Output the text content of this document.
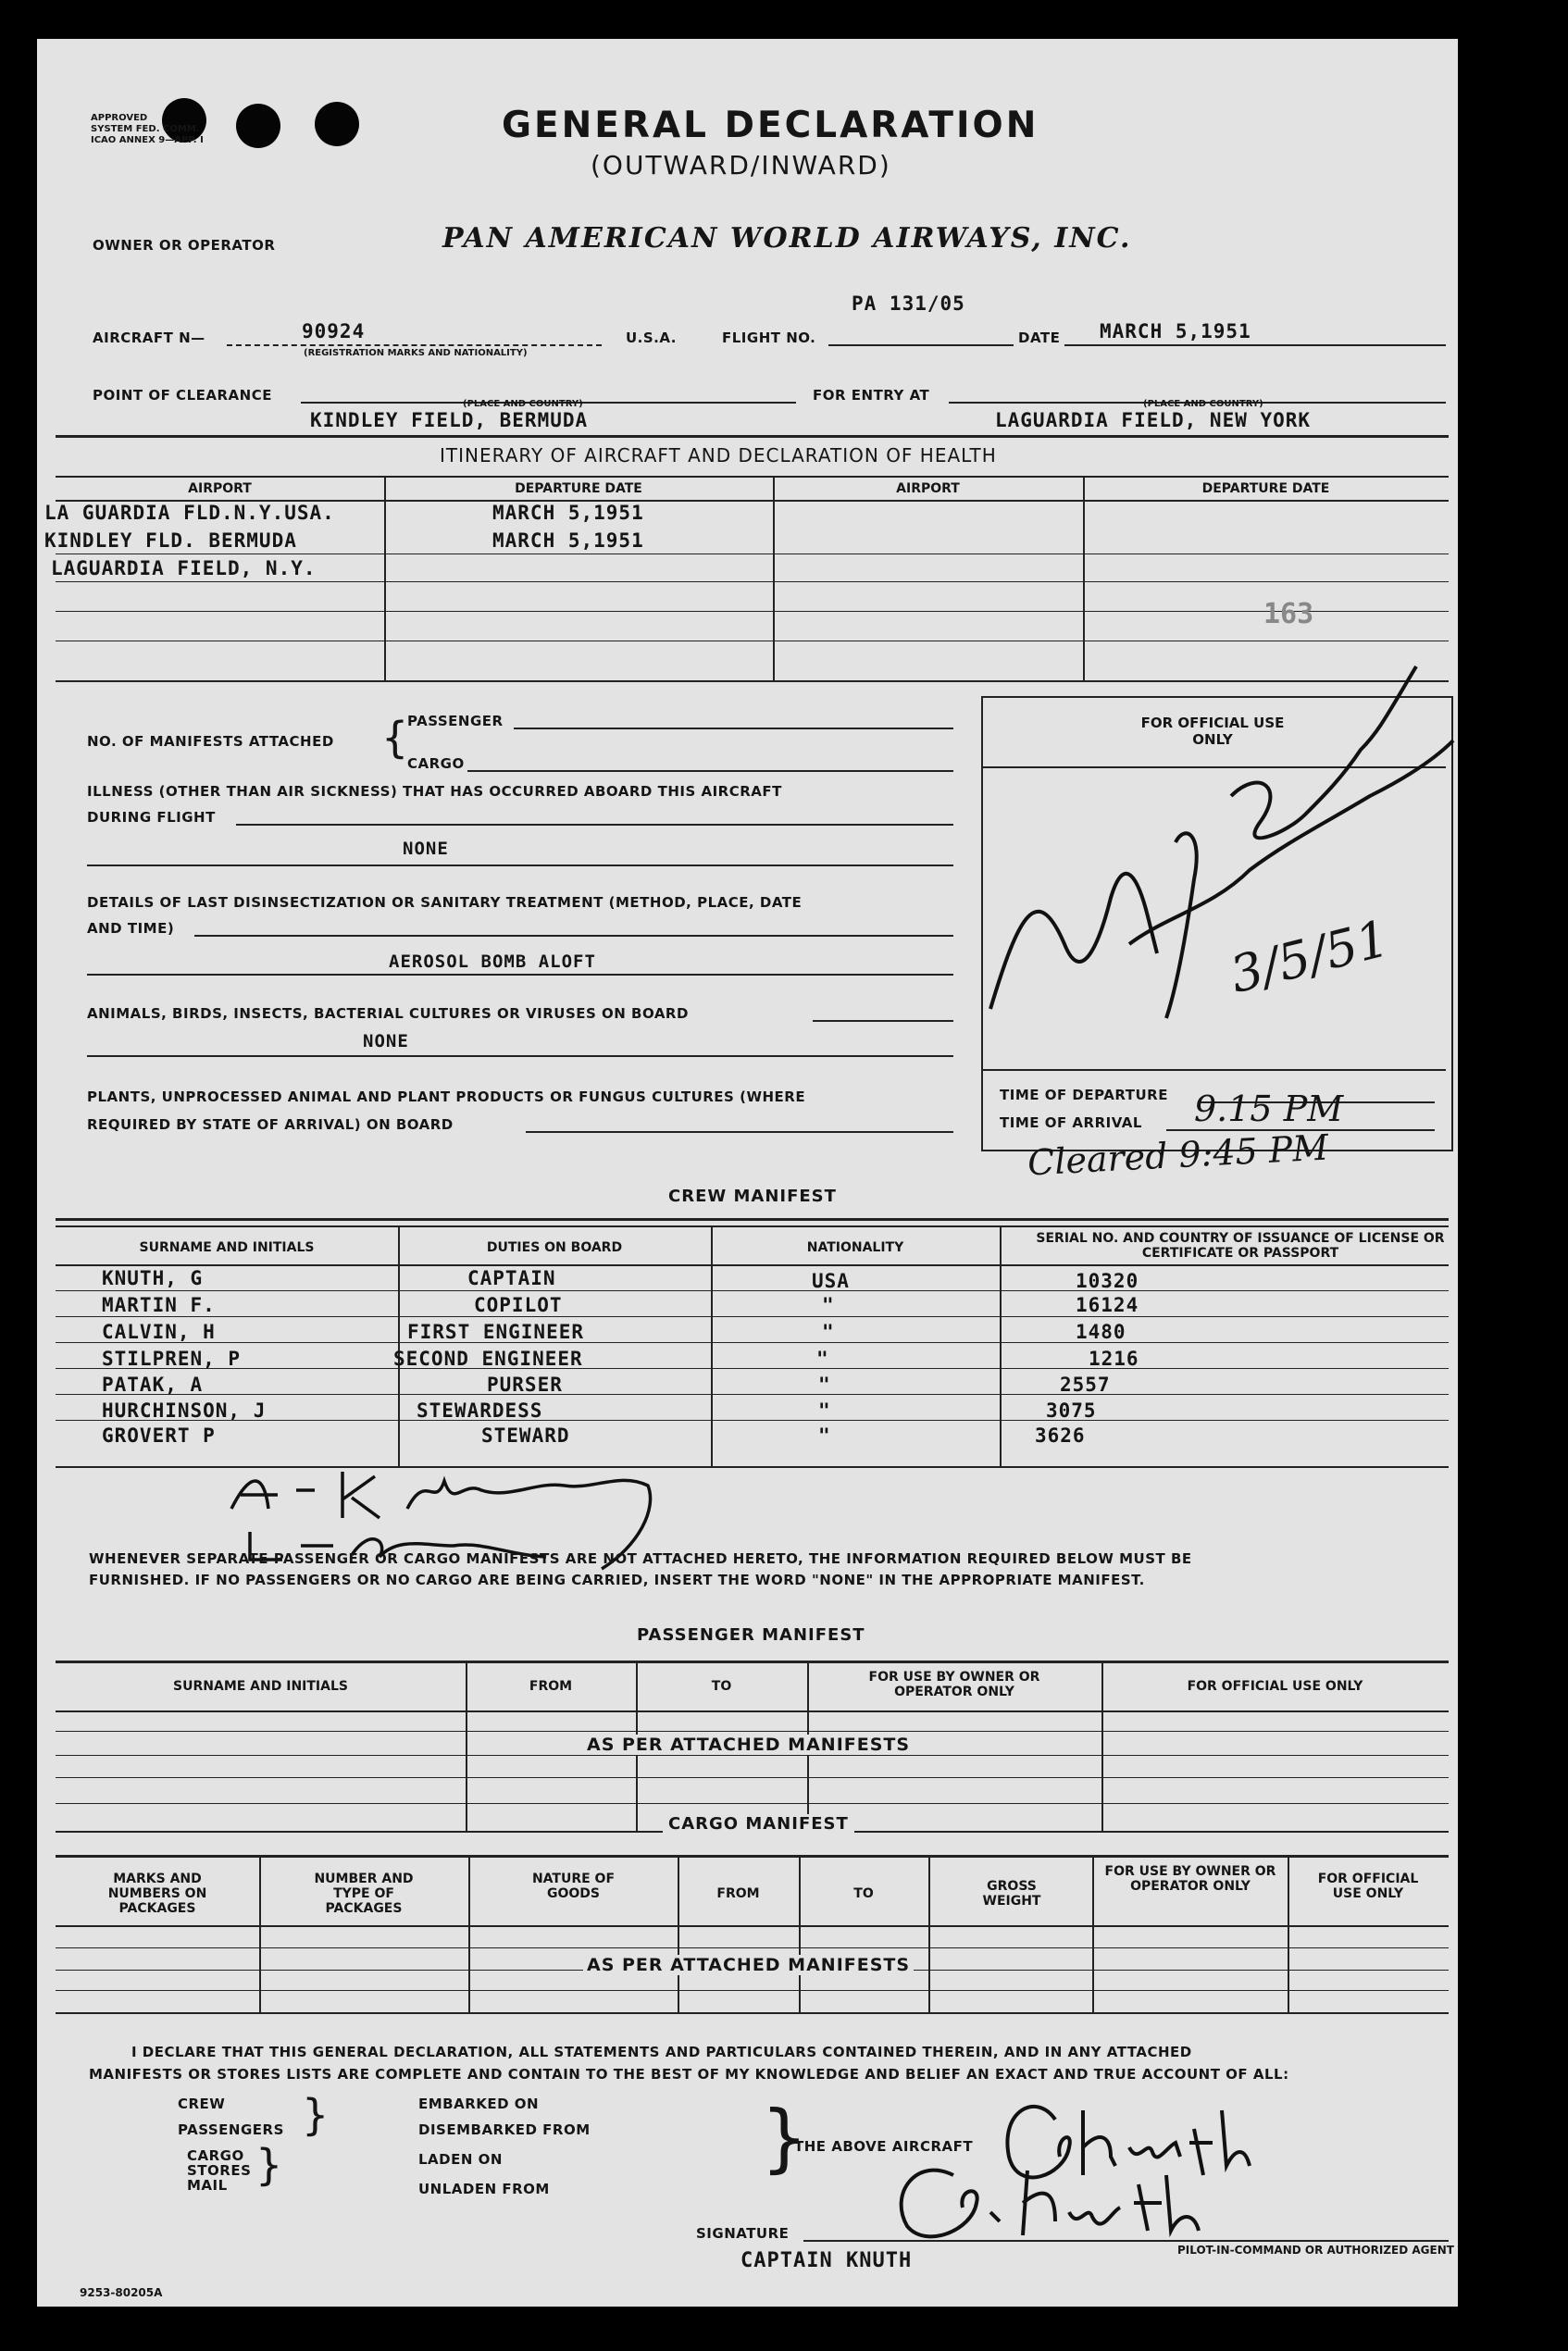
APPROVED
SYSTEM FED. COMM.
ICAO ANNEX 9—APP. I	GENERAL DECLARATION
(OUTWARD/INWARD)
OWNER OR OPERATOR	PAN AMERICAN WORLD AIRWAYS, INC.
PA 131/05
AIRCRAFT N—	90924
(REGISTRATION MARKS AND NATIONALITY)
U.S.A.	FLIGHT NO.	DATE MARCH 5,1951
POINT OF CLEARANCE
(PLACE AND COUNTRY)
FOR ENTRY AT
(PLACE AND COUNTRY)
KINDLEY FIELD, BERMUDA	LAGUARDIA FIELD, NEW YORK
ITINERARY OF AIRCRAFT AND DECLARATION OF HEALTH
AIRPORT	DEPARTURE DATE	AIRPORT	DEPARTURE DATE
LA GUARDIA FLD.N.Y.USA.	MARCH 5,1951
KINDLEY FLD. BERMUDA	MARCH 5,1951
LAGUARDIA FIELD, N.Y.
163
NO. OF MANIFESTS ATTACHED {
PASSENGER
CARGO
ILLNESS (OTHER THAN AIR SICKNESS) THAT HAS OCCURRED ABOARD THIS AIRCRAFT
DURING FLIGHT
NONE
DETAILS OF LAST DISINSECTIZATION OR SANITARY TREATMENT (METHOD, PLACE, DATE
AND TIME)
AEROSOL BOMB ALOFT
ANIMALS, BIRDS, INSECTS, BACTERIAL CULTURES OR VIRUSES ON BOARD
NONE
PLANTS, UNPROCESSED ANIMAL AND PLANT PRODUCTS OR FUNGUS CULTURES (WHERE
REQUIRED BY STATE OF ARRIVAL) ON BOARD
FOR OFFICIAL USE ONLY
TIME OF DEPARTURE
TIME OF ARRIVAL 9.15 PM
Cleared 9:45 PM
3/5/51
CREW MANIFEST
SURNAME AND INITIALS	DUTIES ON BOARD	NATIONALITY
SERIAL NO. AND COUNTRY OF ISSUANCE OF LICENSE OR CERTIFICATE OR PASSPORT
KNUTH, G	CAPTAIN	USA	10320
MARTIN F.	COPILOT	"	16124
CALVIN, H	FIRST ENGINEER	"	1480
STILPREN, P	SECOND ENGINEER	"	1216
PATAK, A	PURSER	"	2557
HURCHINSON, J	STEWARDESS	"	3075
GROVERT P	STEWARD	"	3626
WHENEVER SEPARATE PASSENGER OR CARGO MANIFESTS ARE NOT ATTACHED HERETO, THE INFORMATION REQUIRED BELOW MUST BE
FURNISHED. IF NO PASSENGERS OR NO CARGO ARE BEING CARRIED, INSERT THE WORD "NONE" IN THE APPROPRIATE MANIFEST.
PASSENGER MANIFEST
SURNAME AND INITIALS	FROM	TO
FOR USE BY OWNER OR OPERATOR ONLY	FOR OFFICIAL USE ONLY
AS PER ATTACHED MANIFESTS
CARGO MANIFEST
MARKS AND NUMBERS ON PACKAGES
NUMBER AND TYPE OF PACKAGES
NATURE OF GOODS	FROM	TO	GROSS WEIGHT
FOR USE BY OWNER OR OPERATOR ONLY	FOR OFFICIAL USE ONLY
AS PER ATTACHED MANIFESTS
I DECLARE THAT THIS GENERAL DECLARATION, ALL STATEMENTS AND PARTICULARS CONTAINED THEREIN, AND IN ANY ATTACHED
MANIFESTS OR STORES LISTS ARE COMPLETE AND CONTAIN TO THE BEST OF MY KNOWLEDGE AND BELIEF AN EXACT AND TRUE ACCOUNT OF ALL:
CREW
PASSENGERS }
CARGO
STORES
MAIL }
EMBARKED ON
DISEMBARKED FROM
LADEN ON
UNLADEN FROM
}
THE ABOVE AIRCRAFT
SIGNATURE
PILOT-IN-COMMAND OR AUTHORIZED AGENT
CAPTAIN KNUTH
9253-80205A
